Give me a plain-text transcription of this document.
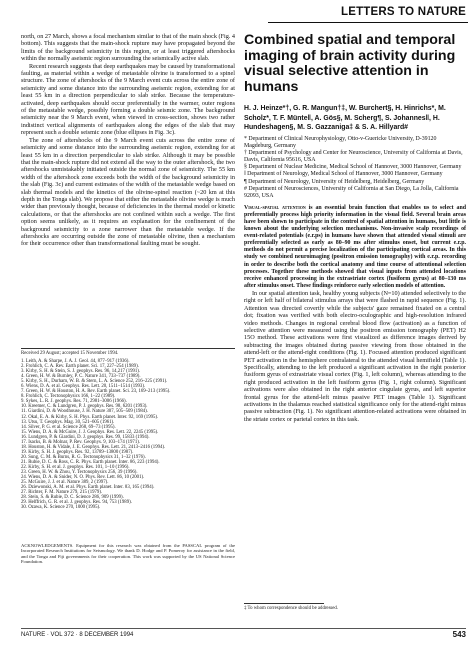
LETTERS TO NATURE

north, on 27 March, shows a focal mechanism similar to that of the main shock (Fig. 4 bottom). This suggests that the main-shock rupture may have propagated beyond the limits of the background seismicity in this region, or at least triggered aftershocks within the normally aseismic region surrounding the seismically active slab.

Recent research suggests that deep earthquakes may be caused by transformational faulting, as material within a wedge of metastable olivine is transformed to a spinel structure. The zone of aftershocks of the 9 March event cuts across the entire zone of seismicity and some distance into the surrounding aseismic region, extending for at least 55 km in a direction perpendicular to slab strike. Because the temperature-activated, deep earthquakes should occur preferentially in the warmer, outer regions of the metastable wedge, possibly forming a double seismic zone. The background seismicity near the 9 March event, when viewed in cross-section, shows two rather indistinct vertical alignments of earthquakes along the edges of the slab that may represent such a double seismic zone (blue ellipses in Fig. 3c).

The zone of aftershocks of the 9 March event cuts across the entire zone of seismicity and some distance into the surrounding aseismic region, extending for at least 55 km in a direction perpendicular to slab strike. Although it may be possible that the main-shock rupture did not extend all the way to the outer aftershock, the two aftershocks unmistakably initiated outside the normal zone of seismicity. The 55 km width of the aftershock zone exceeds both the width of the background seismicity in the slab (Fig. 3c) and current estimates of the width of the metastable wedge based on slab thermal models and the kinetics of the olivine-spinel reaction (~20 km at this depth in the Tonga slab). We propose that either the metastable olivine wedge is much wider than previously thought, because of deficiencies in the thermal model or kinetic calculations, or that the aftershocks are not confined within such a wedge. The first option seems unlikely, as it requires an explanation for the confinement of the background seismicity to a zone narrower than the metastable wedge. If the aftershocks are occurring outside the zone of metastable olivine, then a mechanism for their occurrence other than transformational faulting must be sought.

Received 29 August; accepted 15 November 1994.
1. Leith, A. & Sharpe, J. A. J. Geol. 44, 877–917 (1936).
2. Frohlich, C. A. Rev. Earth planet. Sci. 17, 227–254 (1989).
3. Kirby, S. H. & Stein, S. J. geophys. Res. 96, 14,217 (1991).
4. Green, H. W. & Burnley, P. C. Nature 341, 733–737 (1989).
5. Kirby, S. H., Durham, W. B. & Stern, L. A. Science 252, 216–225 (1991).
6. Wiens, D. A. et al. Geophys. Res. Lett. 20, 1511–1514 (1993).
7. Green, H. W. & Houston, H. A. Rev. Earth planet. Sci. 23, 169–213 (1995).
8. Frohlich, C. Tectonophysics 166, 1–22 (1989).
9. Sykes, L. R. J. geophys. Res. 71, 2981–3006 (1966).
10. Kreemer, C. & Lundgren, P. J. geophys. Res. 98, 6201 (1993).
11. Giardini, D. & Woodhouse, J. H. Nature 307, 505–509 (1984).
12. Okal, E. A. & Kirby, S. H. Phys. Earth planet. Inter. 92, 169 (1995).
13. Utsu, T. Geophys. Mag. 30, 521–605 (1961).
14. Silver, P. G. et al. Science 268, 69–73 (1995).
15. Wiens, D. A. & McGuire, J. J. Geophys. Res. Lett. 22, 2245 (1995).
16. Lundgren, P. & Giardini, D. J. geophys. Res. 99, 15833 (1994).
17. Isacks, B. & Molnar, P. Rev. Geophys. 9, 103–174 (1971).
18. Houston, H. & Vidale, J. E. Geophys. Res. Lett. 21, 2413–2416 (1994).
19. Kirby, S. H. J. geophys. Res. 92, 13789–13800 (1987).
20. Sung, C. M. & Burns, R. G. Tectonophysics 31, 1–32 (1976).
21. Rubie, D. C. & Ross, C. R. Phys. Earth planet. Inter. 86, 223 (1994).
22. Kirby, S. H. et al. J. geophys. Res. 101, 1–10 (1996).
23. Green, H. W. & Zhou, Y. Tectonophysics 256, 39 (1996).
24. Wiens, D. A. & Snider, N. O. Phys. Rev. Lett. 86, 10 (2001).
25. McGuire, J. J. et al. Nature 389, 2 (1997).
26. Dziewonski, A. M. et al. Phys. Earth planet. Inter. 83, 165 (1994).
27. Richter, F. M. Nature 279, 215 (1979).
28. Stein, S. & Rubie, D. C. Science 286, 909 (1999).
29. Helffrich, G. R. et al. J. geophys. Res. 94, 753 (1989).
30. Ozawa, K. Science 270, 1000 (1995).
ACKNOWLEDGEMENTS. Equipment for this research was obtained from the PASSCAL program of the Incorporated Research Institutions for Seismology. We thank D. Hodge and P. Pomeroy for assistance in the field, and the Tonga and Fiji governments for their cooperation. This work was supported by the US National Science Foundation.
Combined spatial and temporal imaging of brain activity during visual selective attention in humans
H. J. Heinze*†, G. R. Mangun†‡, W. Burchert§, H. Hinrichs*, M. Scholz*, T. F. Münte‖, A. Gös§, M. Scherg¶, S. Johannes‖, H. Hundeshagen§, M. S. Gazzaniga‡ & S. A. Hillyard#
* Department of Clinical Neurophysiology, Otto-v-Guericke University, D-39120 Magdeburg, Germany
† Department of Psychology and Center for Neuroscience, University of California at Davis, Davis, California 95616, USA
§ Department of Nuclear Medicine, Medical School of Hannover, 3000 Hannover, Germany
‖ Department of Neurology, Medical School of Hannover, 3000 Hannover, Germany
¶ Department of Neurology, University of Heidelberg, Heidelberg, Germany
# Department of Neurosciences, University of California at San Diego, La Jolla, California 92093, USA
Visual-spatial attention is an essential brain function that enables us to select and preferentially process high priority information in the visual field. Several brain areas have been shown to participate in the control of spatial attention in humans, but little is known about the underlying selection mechanisms. Non-invasive scalp recordings of event-related potentials (e.r.ps) in humans have shown that attended visual stimuli are preferentially selected as early as 80–90 ms after stimulus onset, but current e.r.p. methods do not permit a precise localization of the participating cortical areas. In this study we combined neuroimaging (positron emission tomography) with e.r.p. recording in order to describe both the cortical anatomy and time course of attentional selection processes. Together these methods showed that visual inputs from attended locations receive enhanced processing in the extrastriate cortex (fusiform gyrus) at 80–130 ms after stimulus onset. These findings reinforce early selection models of attention.
In our spatial attention task, healthy young subjects (N=10) attended selectively to the right or left half of bilateral stimulus arrays that were flashed in rapid sequence (Fig. 1). Attention was directed covertly while the subjects' gaze remained fixated on a central dot; fixation was verified with both electro-oculographic and high-resolution infrared video methods. Changes in regional cerebral blood flow (activation) as a function of selective attention were measured using the positron emission tomography (PET) H2 15O method. These activations were first visualized as difference images derived by subtracting the images obtained during passive viewing from those obtained in the attend-left or the attend-right conditions (Fig. 1). Focused attention produced significant PET activation in the hemisphere contralateral to the attended visual hemifield (Table 1). Specifically, attending to the left produced a significant activation in the right posterior fusiform gyrus of extrastriate visual cortex (Fig. 1, left column), whereas attending to the right produced activation in the left fusiform gyrus (Fig. 1, right column). Significant activations were also obtained in the right anterior cingulate gyrus, and left superior frontal gyrus for the attend-left minus passive PET images (Table 1). Significant activations in the thalamus reached statistical significance only for the attend-right minus passive subtraction (Fig. 1). No significant attention-related activations were obtained in the striate cortex or parietal cortex in this task.
‡ To whom correspondence should be addressed.
NATURE · VOL 372 · 8 DECEMBER 1994	543
